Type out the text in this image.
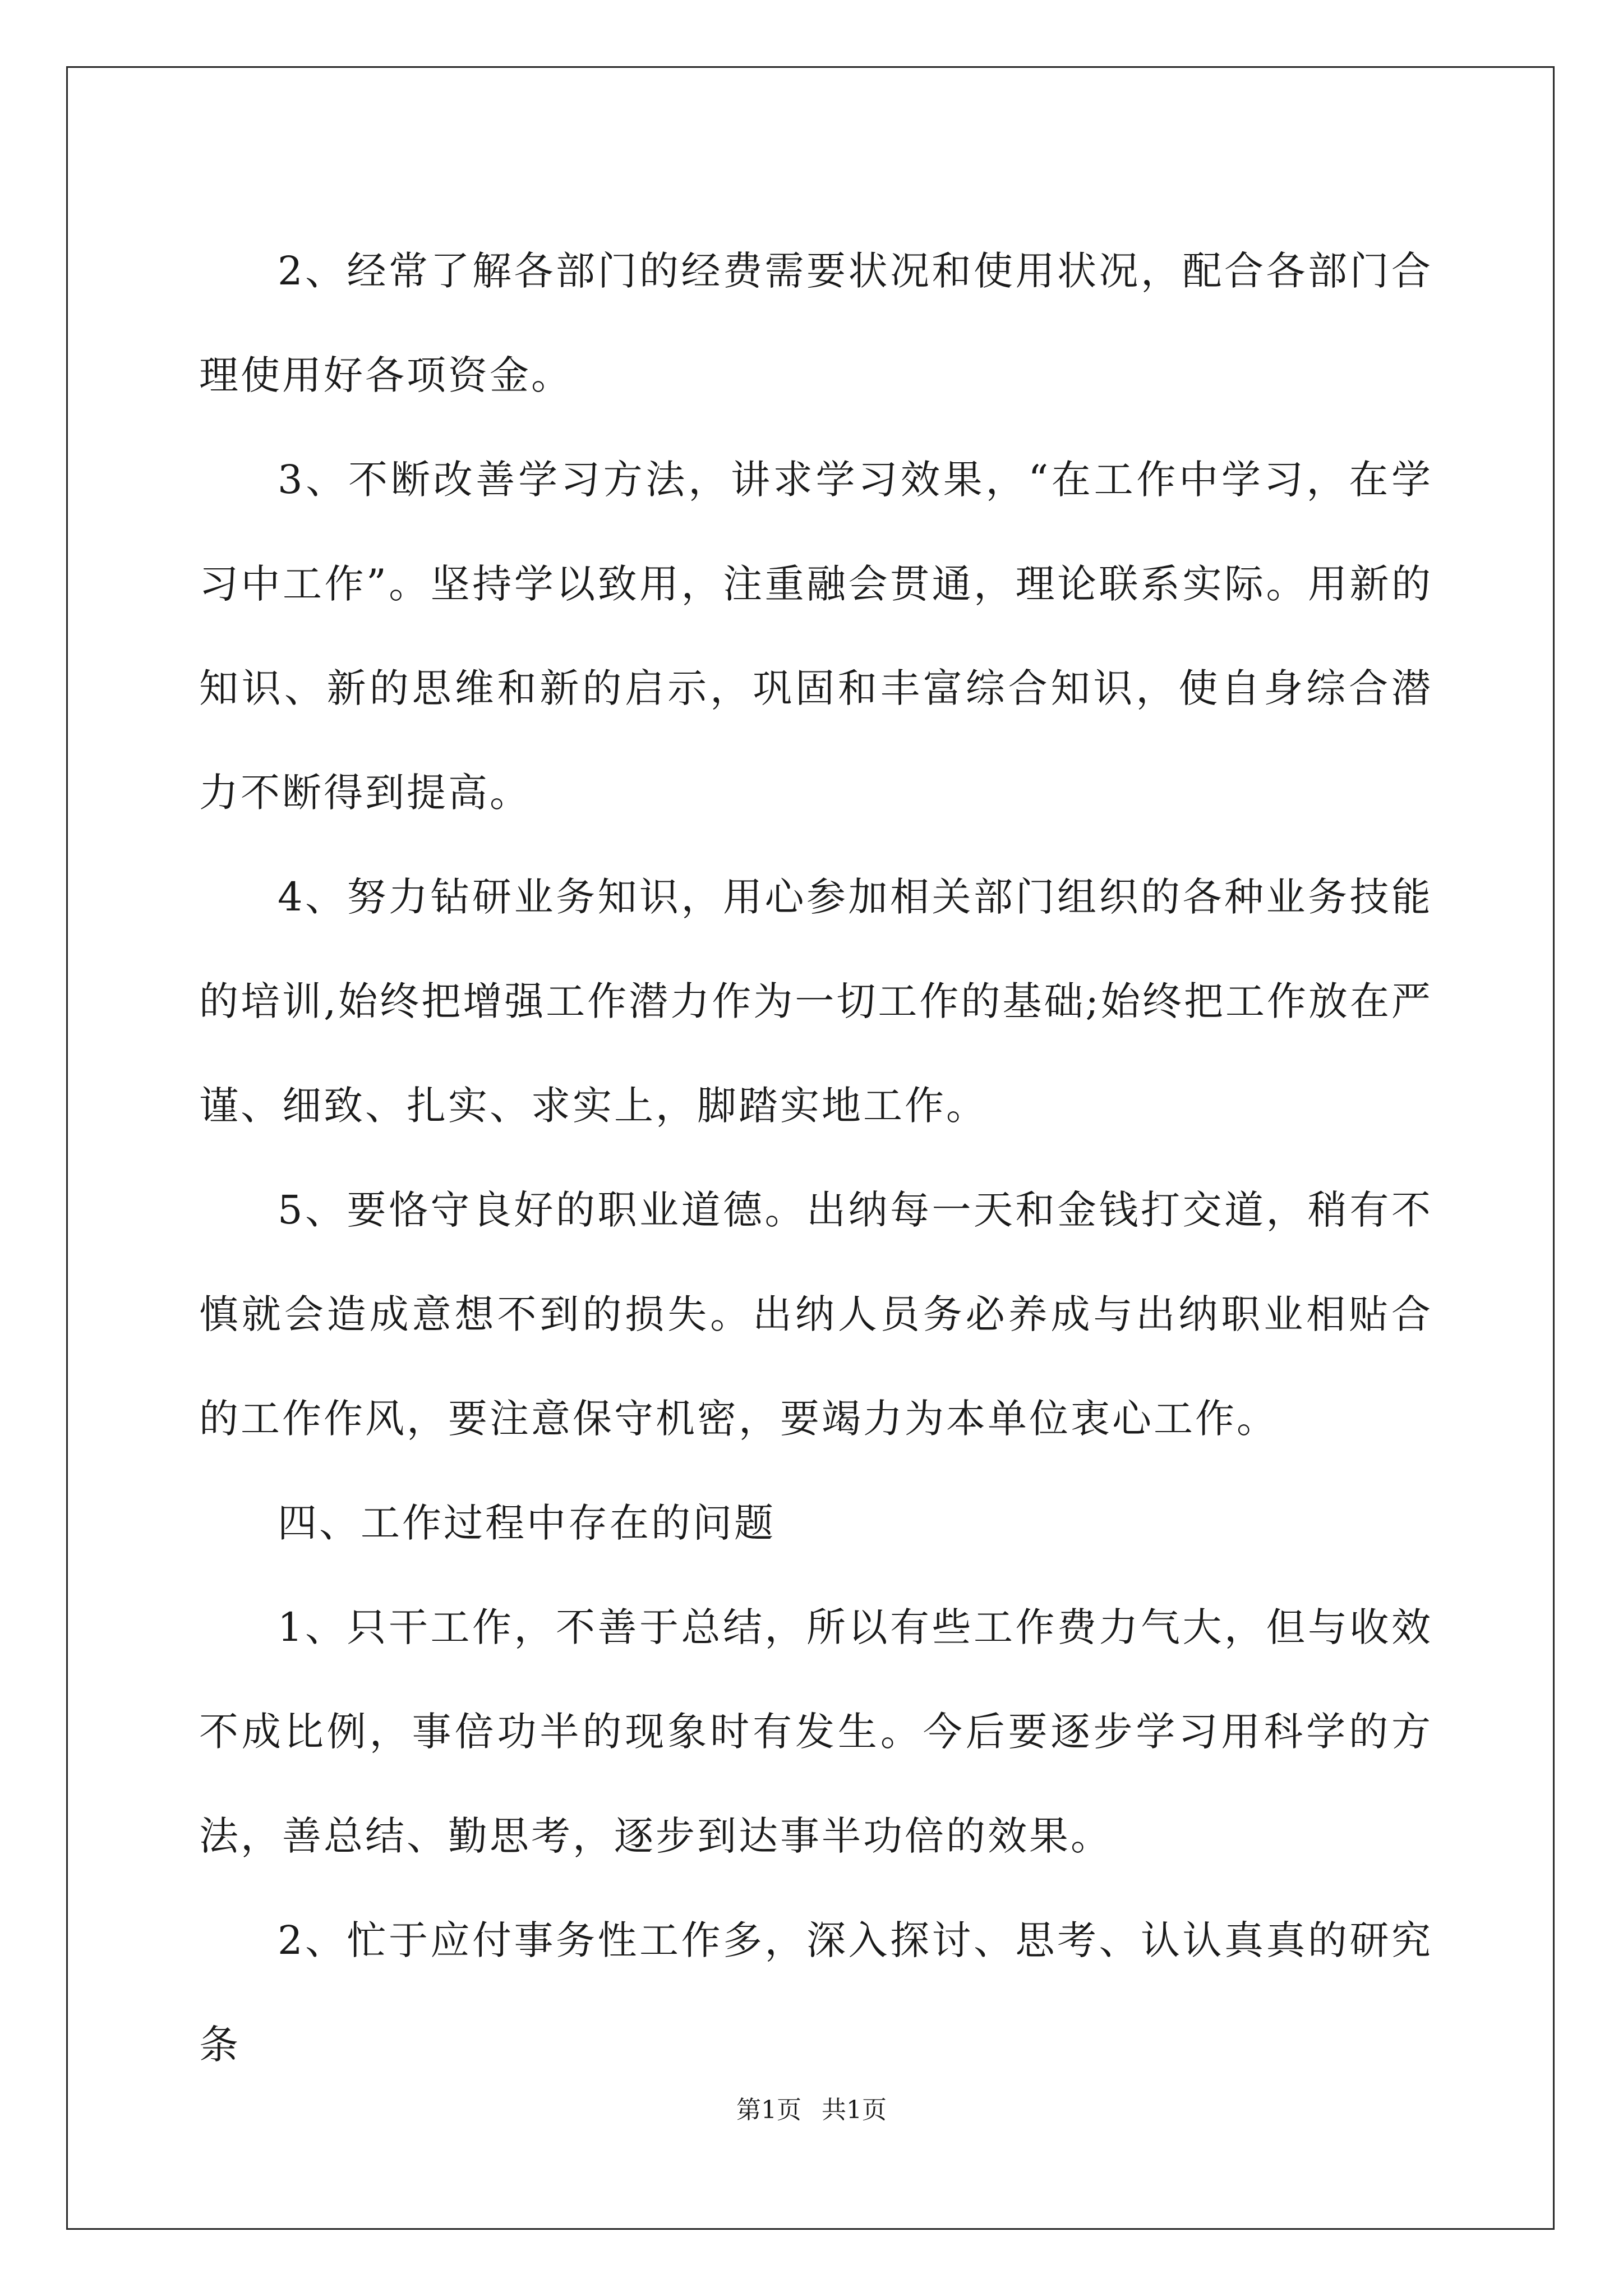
2、经常了解各部门的经费需要状况和使用状况，配合各部门合理使用好各项资金。

3、不断改善学习方法，讲求学习效果，“在工作中学习，在学习中工作”。坚持学以致用，注重融会贯通，理论联系实际。用新的知识、新的思维和新的启示，巩固和丰富综合知识，使自身综合潜力不断得到提高。

4、努力钻研业务知识，用心参加相关部门组织的各种业务技能的培训,始终把增强工作潜力作为一切工作的基础;始终把工作放在严谨、细致、扎实、求实上，脚踏实地工作。

5、要恪守良好的职业道德。出纳每一天和金钱打交道，稍有不慎就会造成意想不到的损失。出纳人员务必养成与出纳职业相贴合的工作作风，要注意保守机密，要竭力为本单位衷心工作。

四、工作过程中存在的问题

1、只干工作，不善于总结，所以有些工作费力气大，但与收效不成比例，事倍功半的现象时有发生。今后要逐步学习用科学的方法，善总结、勤思考，逐步到达事半功倍的效果。

2、忙于应付事务性工作多，深入探讨、思考、认认真真的研究条

第1页 共1页
